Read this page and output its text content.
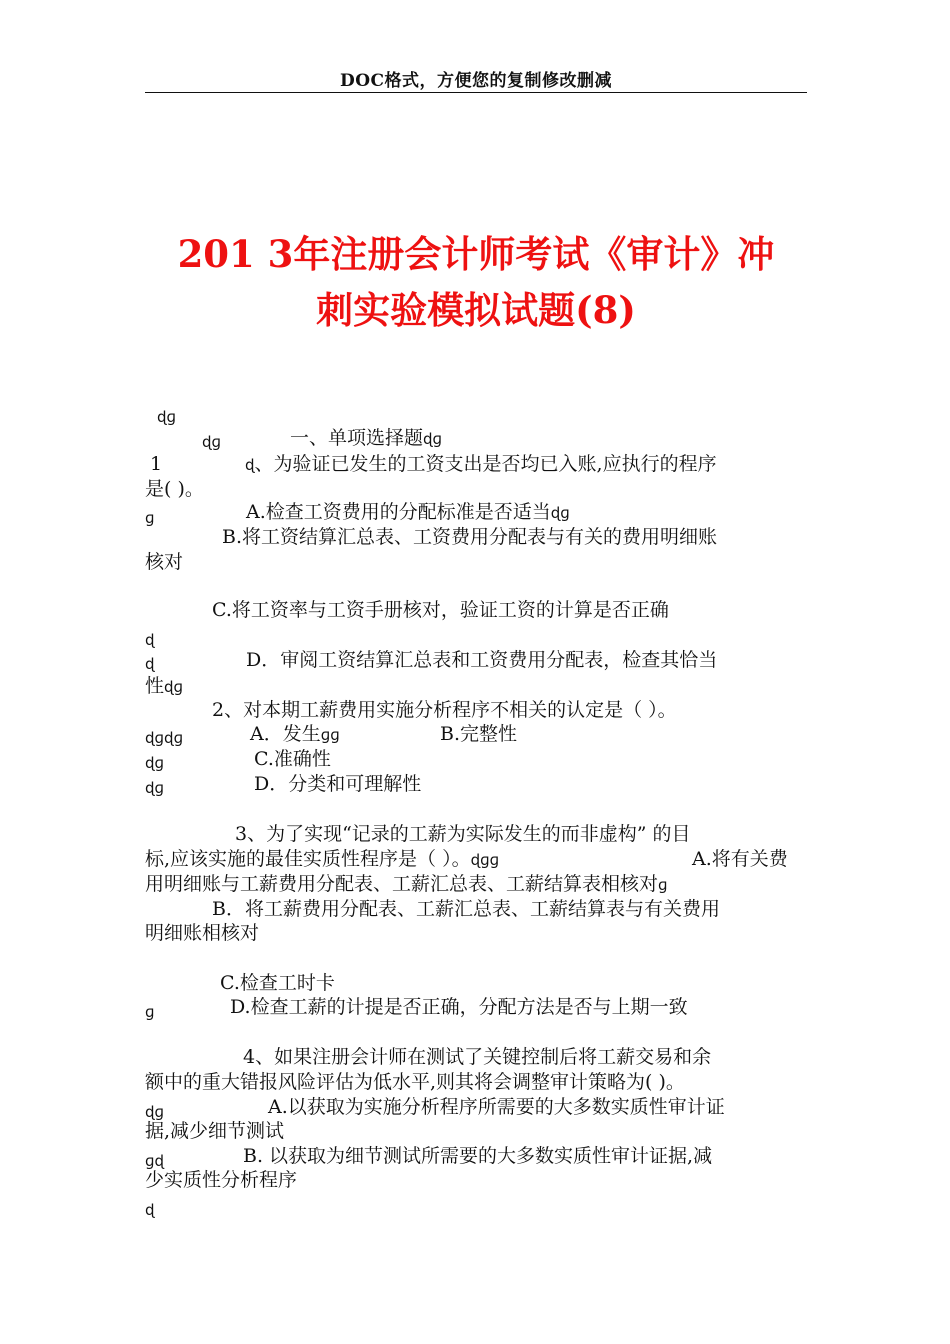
DOC格式，方便您的复制修改删减
201 3年注册会计师考试《审计》冲
刺实验模拟试题(8)
ɖɡ
ɖɡ	一、单项选择题ɖɡ
1	ɖ、为验证已发生的工资支出是否均已入账,应执行的程序
是( )。
ɡ	A.检查工资费用的分配标准是否适当ɖɡ
B.将工资结算汇总表、工资费用分配表与有关的费用明细账
核对
C.将工资率与工资手册核对，验证工资的计算是否正确
ɖ
ɖ	D．审阅工资结算汇总表和工资费用分配表，检查其恰当
性ɖɡ
2、对本期工薪费用实施分析程序不相关的认定是（ ）。
ɖɡɖɡ	A．发生ɡɡ	B.完整性
ɖɡ	C.准确性
ɖɡ	D．分类和可理解性
3、为了实现“记录的工薪为实际发生的而非虚构” 的目
标,应该实施的最佳实质性程序是（ ）。ɖɡɡ	A.将有关费
用明细账与工薪费用分配表、工薪汇总表、工薪结算表相核对ɡ
B．将工薪费用分配表、工薪汇总表、工薪结算表与有关费用
明细账相核对
C.检查工时卡
ɡ	D.检查工薪的计提是否正确，分配方法是否与上期一致
4、如果注册会计师在测试了关键控制后将工薪交易和余
额中的重大错报风险评估为低水平,则其将会调整审计策略为( )。
ɖɡ	A.以获取为实施分析程序所需要的大多数实质性审计证
据,减少细节测试
ɡɖ	B. 以获取为细节测试所需要的大多数实质性审计证据,减
少实质性分析程序
ɖ
